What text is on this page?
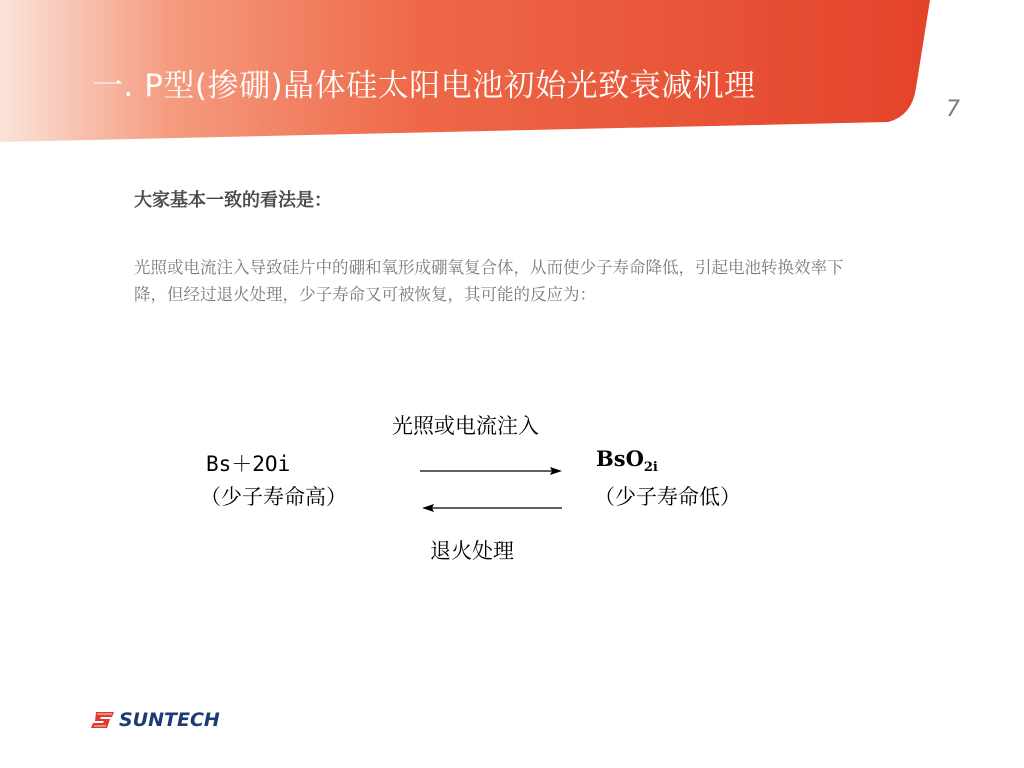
一. P型(掺硼)晶体硅太阳电池初始光致衰减机理
7
大家基本一致的看法是：
光照或电流注入导致硅片中的硼和氧形成硼氧复合体，从而使少子寿命降低，引起电池转换效率下降，但经过退火处理，少子寿命又可被恢复，其可能的反应为：
光照或电流注入
Bs＋2Oi
（少子寿命高）
BsO$_{2i}$
（少子寿命低）
退火处理
SUNTECH
